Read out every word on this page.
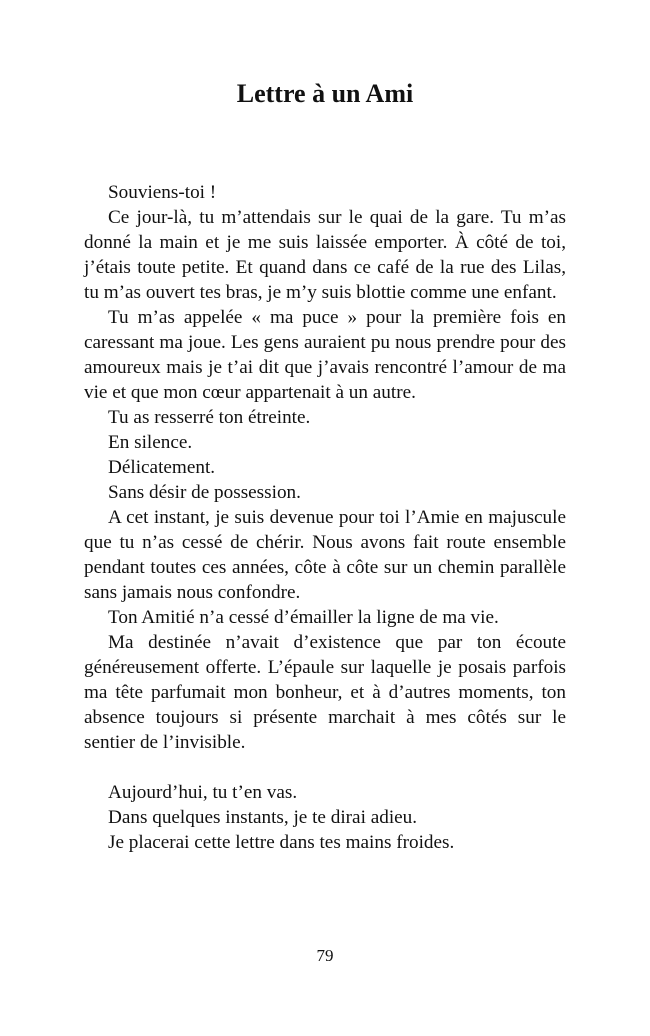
Lettre à un Ami

Souviens-toi !

Ce jour-là, tu m’attendais sur le quai de la gare. Tu m’as donné la main et je me suis laissée emporter. À côté de toi, j’étais toute petite. Et quand dans ce café de la rue des Lilas, tu m’as ouvert tes bras, je m’y suis blottie comme une enfant.

Tu m’as appelée « ma puce » pour la première fois en caressant ma joue. Les gens auraient pu nous prendre pour des amoureux mais je t’ai dit que j’avais rencontré l’amour de ma vie et que mon cœur appartenait à un autre.

Tu as resserré ton étreinte.

En silence.

Délicatement.

Sans désir de possession.

A cet instant, je suis devenue pour toi l’Amie en majuscule que tu n’as cessé de chérir. Nous avons fait route ensemble pendant toutes ces années, côte à côte sur un chemin parallèle sans jamais nous confondre.

Ton Amitié n’a cessé d’émailler la ligne de ma vie.

Ma destinée n’avait d’existence que par ton écoute généreusement offerte. L’épaule sur laquelle je posais parfois ma tête parfumait mon bonheur, et à d’autres moments, ton absence toujours si présente marchait à mes côtés sur le sentier de l’invisible.

Aujourd’hui, tu t’en vas.

Dans quelques instants, je te dirai adieu.

Je placerai cette lettre dans tes mains froides.

79
